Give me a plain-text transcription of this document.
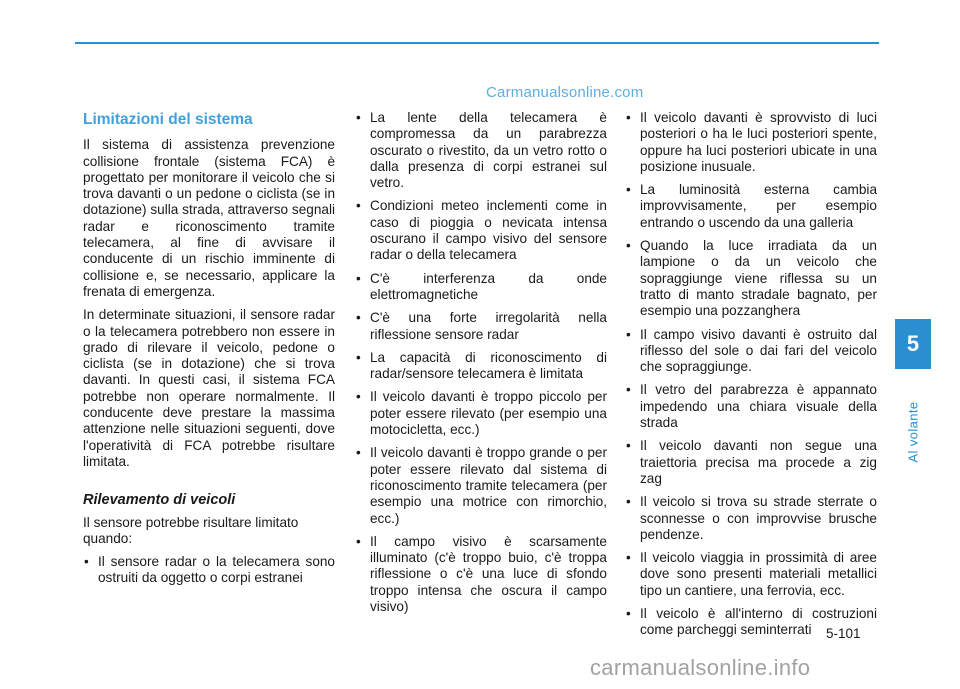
Carmanualsonline.com
Limitazioni del sistema

Il sistema di assistenza prevenzione collisione frontale (sistema FCA) è progettato per monitorare il veicolo che si trova davanti o un pedone o ciclista (se in dotazione) sulla strada, attraverso segnali radar e riconoscimento tramite telecamera, al fine di avvisare il conducente di un rischio imminente di collisione e, se necessario, applicare la frenata di emergenza.

In determinate situazioni, il sensore radar o la telecamera potrebbero non essere in grado di rilevare il veicolo, pedone o ciclista (se in dotazione) che si trova davanti. In questi casi, il sistema FCA potrebbe non operare normalmente. Il conducente deve prestare la massima attenzione nelle situazioni seguenti, dove l'operatività di FCA potrebbe risultare limitata.

Rilevamento di veicoli

Il sensore potrebbe risultare limitato quando:

• Il sensore radar o la telecamera sono ostruiti da oggetto o corpi estranei
• La lente della telecamera è compromessa da un parabrezza oscurato o rivestito, da un vetro rotto o dalla presenza di corpi estranei sul vetro.
• Condizioni meteo inclementi come in caso di pioggia o nevicata intensa oscurano il campo visivo del sensore radar o della telecamera
• C'è interferenza da onde elettromagnetiche
• C'è una forte irregolarità nella riflessione sensore radar
• La capacità di riconoscimento di radar/sensore telecamera è limitata
• Il veicolo davanti è troppo piccolo per poter essere rilevato (per esempio una motocicletta, ecc.)
• Il veicolo davanti è troppo grande o per poter essere rilevato dal sistema di riconoscimento tramite telecamera (per esempio una motrice con rimorchio, ecc.)
• Il campo visivo è scarsamente illuminato (c'è troppo buio, c'è troppa riflessione o c'è una luce di sfondo troppo intensa che oscura il campo visivo)
• Il veicolo davanti è sprovvisto di luci posteriori o ha le luci posteriori spente, oppure ha luci posteriori ubicate in una posizione inusuale.
• La luminosità esterna cambia improvvisamente, per esempio entrando o uscendo da una galleria
• Quando la luce irradiata da un lampione o da un veicolo che sopraggiunge viene riflessa su un tratto di manto stradale bagnato, per esempio una pozzanghera
• Il campo visivo davanti è ostruito dal riflesso del sole o dai fari del veicolo che sopraggiunge.
• Il vetro del parabrezza è appannato impedendo una chiara visuale della strada
• Il veicolo davanti non segue una traiettoria precisa ma procede a zig zag
• Il veicolo si trova su strade sterrate o sconnesse o con improvvise brusche pendenze.
• Il veicolo viaggia in prossimità di aree dove sono presenti materiali metallici tipo un cantiere, una ferrovia, ecc.
• Il veicolo è all'interno di costruzioni come parcheggi seminterrati
5
Al volante
5-101
carmanualsonline.info
